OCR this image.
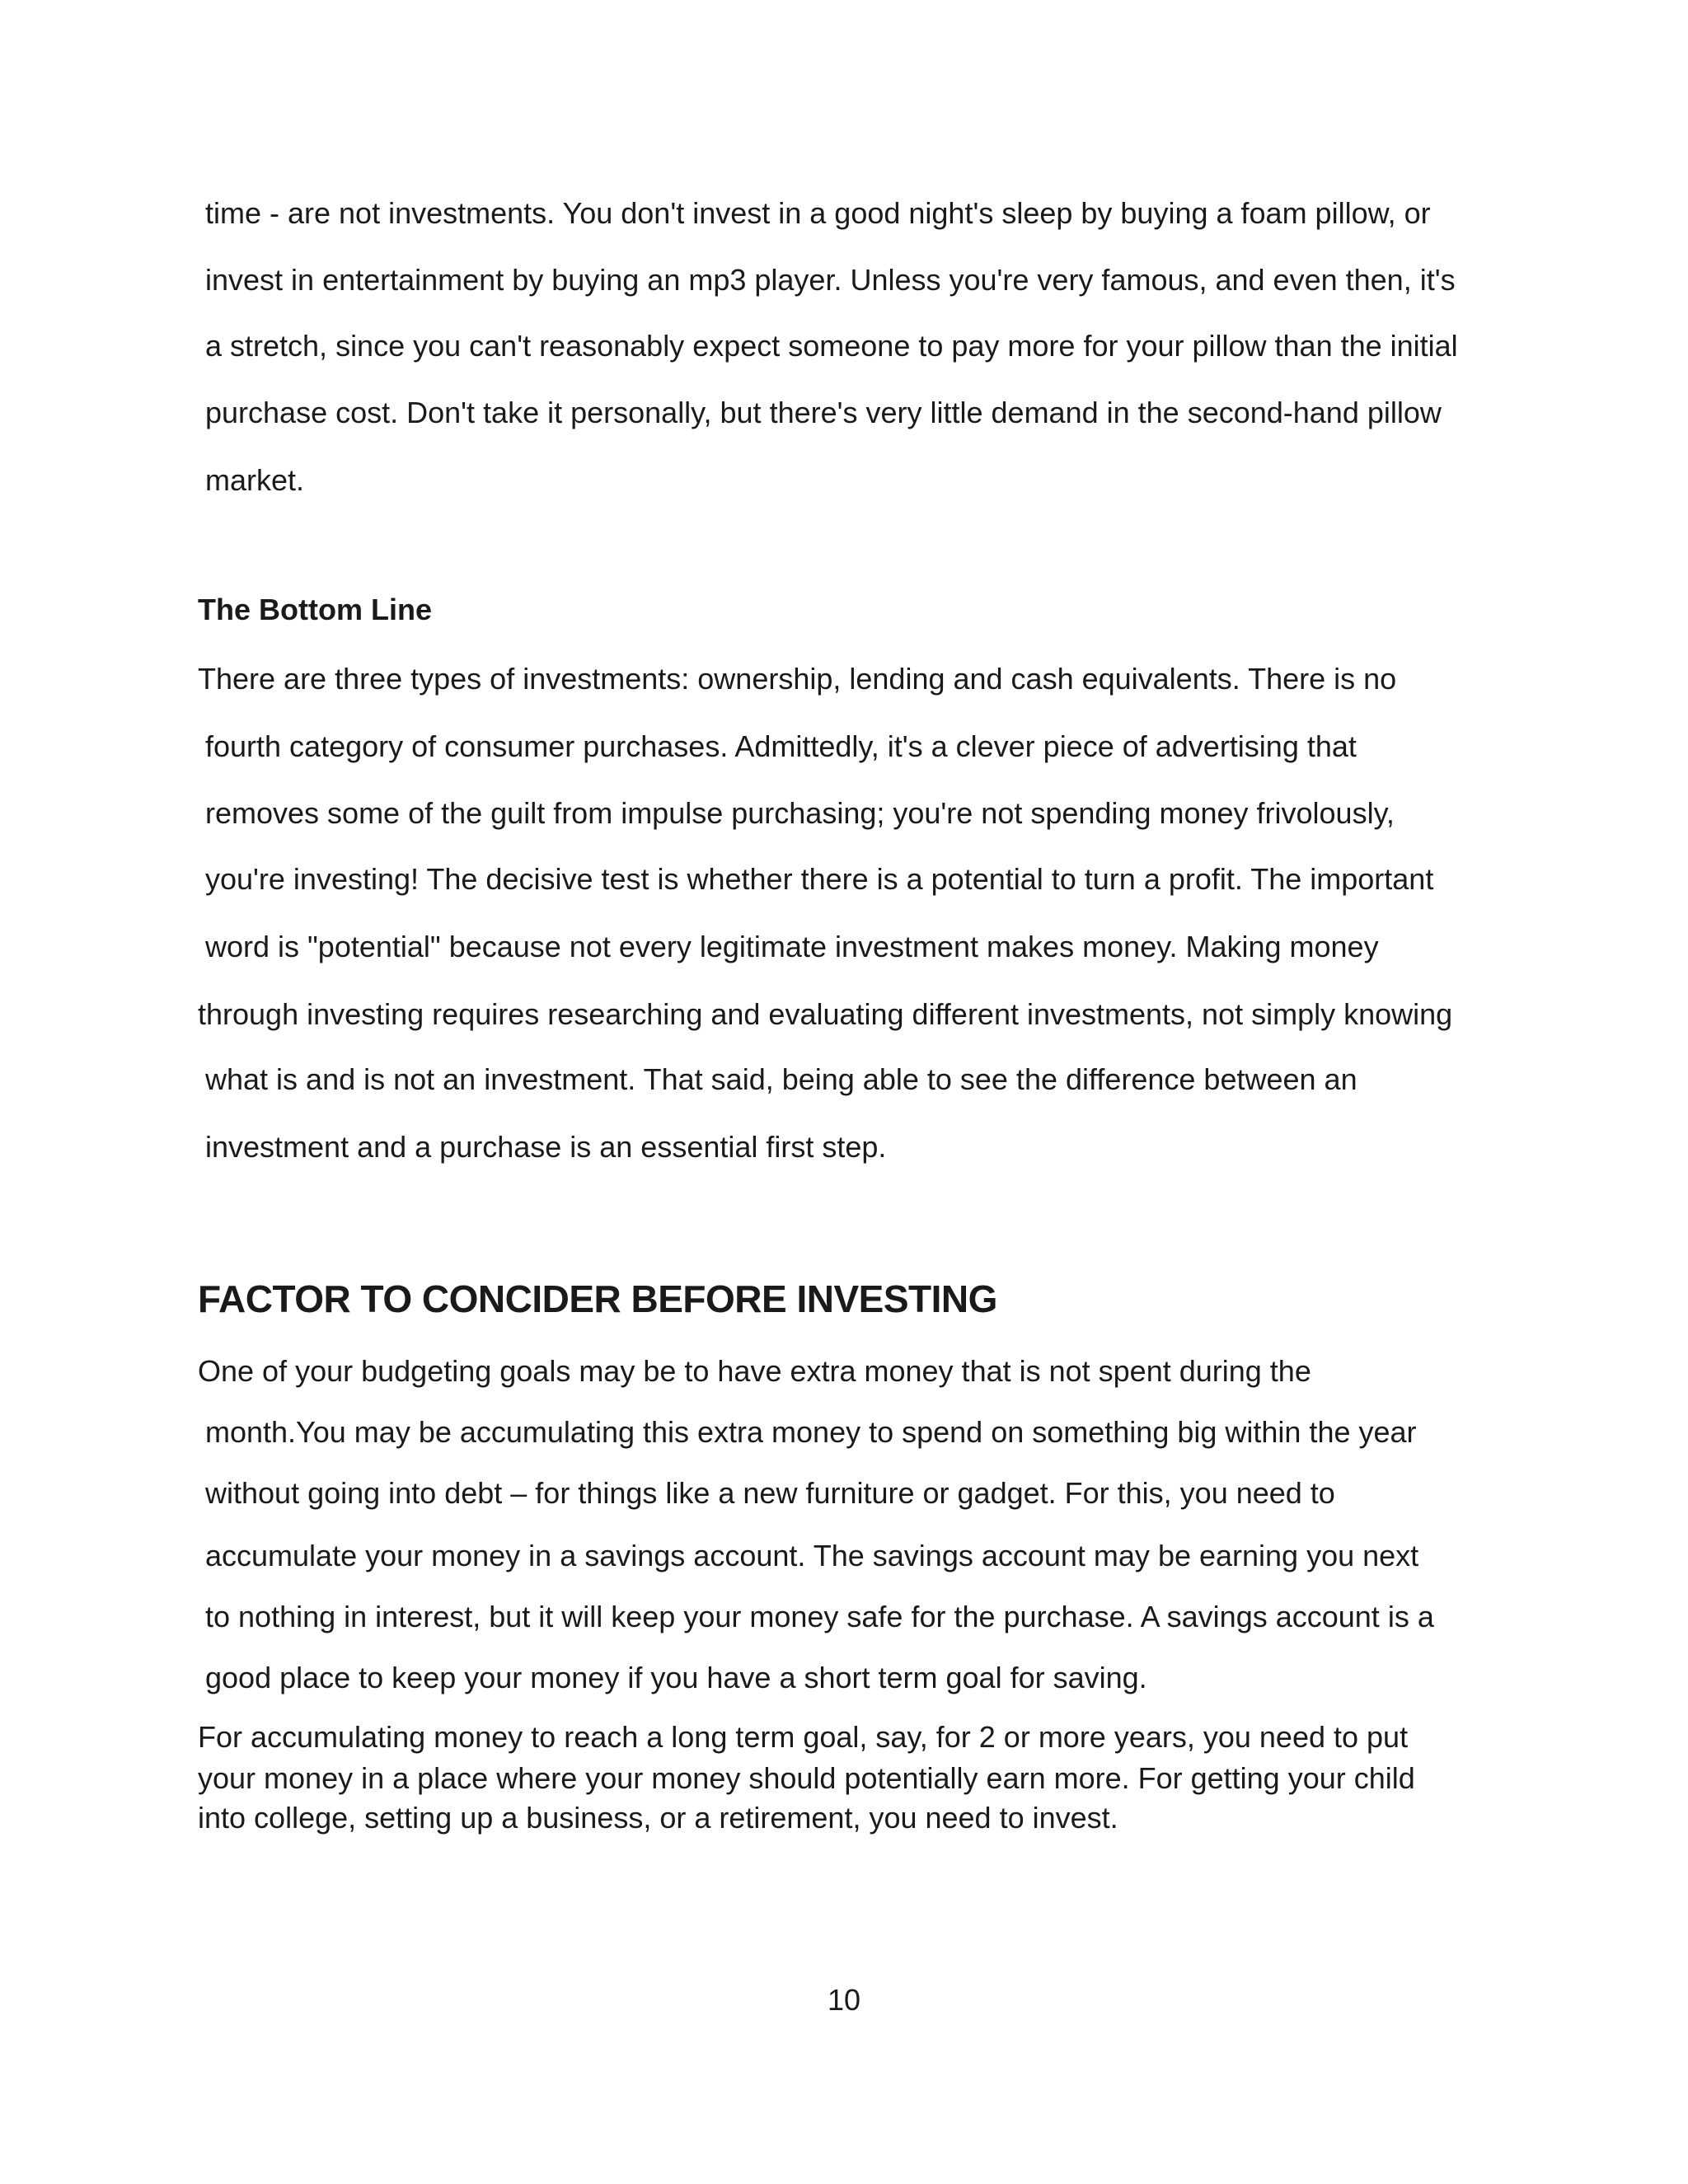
time - are not investments. You don't invest in a good night's sleep by buying a foam pillow, or

invest in entertainment by buying an mp3 player. Unless you're very famous, and even then, it's

a stretch, since you can't reasonably expect someone to pay more for your pillow than the initial

purchase cost. Don't take it personally, but there's very little demand in the second-hand pillow

market.

The Bottom Line

There are three types of investments: ownership, lending and cash equivalents. There is no

fourth category of consumer purchases. Admittedly, it's a clever piece of advertising that

removes some of the guilt from impulse purchasing; you're not spending money frivolously,

you're investing! The decisive test is whether there is a potential to turn a profit. The important

word is "potential" because not every legitimate investment makes money. Making money

through investing requires researching and evaluating different investments, not simply knowing

what is and is not an investment. That said, being able to see the difference between an

investment and a purchase is an essential first step.

FACTOR TO CONCIDER BEFORE INVESTING

One of your budgeting goals may be to have extra money that is not spent during the

month.You may be accumulating this extra money to spend on something big within the year

without going into debt – for things like a new furniture or gadget. For this, you need to

accumulate your money in a savings account. The savings account may be earning you next

to nothing in interest, but it will keep your money safe for the purchase. A savings account is a

good place to keep your money if you have a short term goal for saving.

For accumulating money to reach a long term goal, say, for 2 or more years, you need to put

your money in a place where your money should potentially earn more. For getting your child

into college, setting up a business, or a retirement, you need to invest.

10
